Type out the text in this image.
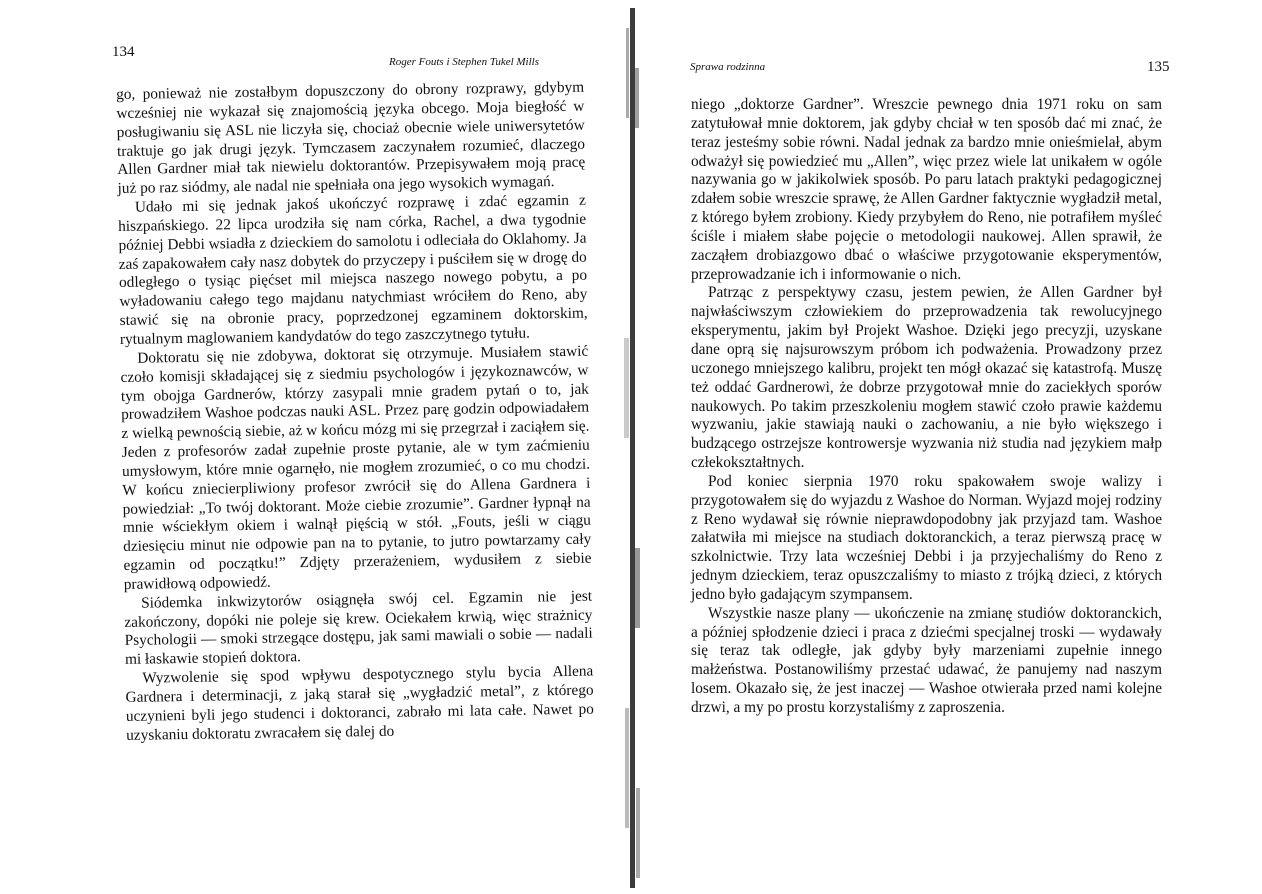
134
Roger Fouts i Stephen Tukel Mills

go, ponieważ nie zostałbym dopuszczony do obrony rozprawy, gdybym wcześniej nie wykazał się znajomością języka obcego. Moja biegłość w posługiwaniu się ASL nie liczyła się, chociaż obecnie wiele uniwersytetów traktuje go jak drugi język. Tymczasem zaczynałem rozumieć, dlaczego Allen Gardner miał tak niewielu doktorantów. Przepisywałem moją pracę już po raz siódmy, ale nadal nie spełniała ona jego wysokich wymagań.

Udało mi się jednak jakoś ukończyć rozprawę i zdać egzamin z hiszpańskiego. 22 lipca urodziła się nam córka, Rachel, a dwa tygodnie później Debbi wsiadła z dzieckiem do samolotu i odleciała do Oklahomy. Ja zaś zapakowałem cały nasz dobytek do przyczepy i puściłem się w drogę do odległego o tysiąc pięćset mil miejsca naszego nowego pobytu, a po wyładowaniu całego tego majdanu natychmiast wróciłem do Reno, aby stawić się na obronie pracy, poprzedzonej egzaminem doktorskim, rytualnym maglowaniem kandydatów do tego zaszczytnego tytułu.

Doktoratu się nie zdobywa, doktorat się otrzymuje. Musiałem stawić czoło komisji składającej się z siedmiu psychologów i językoznawców, w tym obojga Gardnerów, którzy zasypali mnie gradem pytań o to, jak prowadziłem Washoe podczas nauki ASL. Przez parę godzin odpowiadałem z wielką pewnością siebie, aż w końcu mózg mi się przegrzał i zaciąłem się. Jeden z profesorów zadał zupełnie proste pytanie, ale w tym zaćmieniu umysłowym, które mnie ogarnęło, nie mogłem zrozumieć, o co mu chodzi. W końcu zniecierpliwiony profesor zwrócił się do Allena Gardnera i powiedział: „To twój doktorant. Może ciebie zrozumie”. Gardner łypnął na mnie wściekłym okiem i walnął pięścią w stół. „Fouts, jeśli w ciągu dziesięciu minut nie odpowie pan na to pytanie, to jutro powtarzamy cały egzamin od początku!” Zdjęty przerażeniem, wydusiłem z siebie prawidłową odpowiedź.

Siódemka inkwizytorów osiągnęła swój cel. Egzamin nie jest zakończony, dopóki nie poleje się krew. Ociekałem krwią, więc strażnicy Psychologii — smoki strzegące dostępu, jak sami mawiali o sobie — nadali mi łaskawie stopień doktora.

Wyzwolenie się spod wpływu despotycznego stylu bycia Allena Gardnera i determinacji, z jaką starał się „wygładzić metal”, z którego uczynieni byli jego studenci i doktoranci, zabrało mi lata całe. Nawet po uzyskaniu doktoratu zwracałem się dalej do

Sprawa rodzinna	135

niego „doktorze Gardner”. Wreszcie pewnego dnia 1971 roku on sam zatytułował mnie doktorem, jak gdyby chciał w ten sposób dać mi znać, że teraz jesteśmy sobie równi. Nadal jednak za bardzo mnie onieśmielał, abym odważył się powiedzieć mu „Allen”, więc przez wiele lat unikałem w ogóle nazywania go w jakikolwiek sposób. Po paru latach praktyki pedagogicznej zdałem sobie wreszcie sprawę, że Allen Gardner faktycznie wygładził metal, z którego byłem zrobiony. Kiedy przybyłem do Reno, nie potrafiłem myśleć ściśle i miałem słabe pojęcie o metodologii naukowej. Allen sprawił, że zacząłem drobiazgowo dbać o właściwe przygotowanie eksperymentów, przeprowadzanie ich i informowanie o nich.

Patrząc z perspektywy czasu, jestem pewien, że Allen Gardner był najwłaściwszym człowiekiem do przeprowadzenia tak rewolucyjnego eksperymentu, jakim był Projekt Washoe. Dzięki jego precyzji, uzyskane dane oprą się najsurowszym próbom ich podważenia. Prowadzony przez uczonego mniejszego kalibru, projekt ten mógł okazać się katastrofą. Muszę też oddać Gardnerowi, że dobrze przygotował mnie do zaciekłych sporów naukowych. Po takim przeszkoleniu mogłem stawić czoło prawie każdemu wyzwaniu, jakie stawiają nauki o zachowaniu, a nie było większego i budzącego ostrzejsze kontrowersje wyzwania niż studia nad językiem małp człekokształtnych.

Pod koniec sierpnia 1970 roku spakowałem swoje walizy i przygotowałem się do wyjazdu z Washoe do Norman. Wyjazd mojej rodziny z Reno wydawał się równie nieprawdopodobny jak przyjazd tam. Washoe załatwiła mi miejsce na studiach doktoranckich, a teraz pierwszą pracę w szkolnictwie. Trzy lata wcześniej Debbi i ja przyjechaliśmy do Reno z jednym dzieckiem, teraz opuszczaliśmy to miasto z trójką dzieci, z których jedno było gadającym szympansem.

Wszystkie nasze plany — ukończenie na zmianę studiów doktoranckich, a później spłodzenie dzieci i praca z dziećmi specjalnej troski — wydawały się teraz tak odległe, jak gdyby były marzeniami zupełnie innego małżeństwa. Postanowiliśmy przestać udawać, że panujemy nad naszym losem. Okazało się, że jest inaczej — Washoe otwierała przed nami kolejne drzwi, a my po prostu korzystaliśmy z zaproszenia.
